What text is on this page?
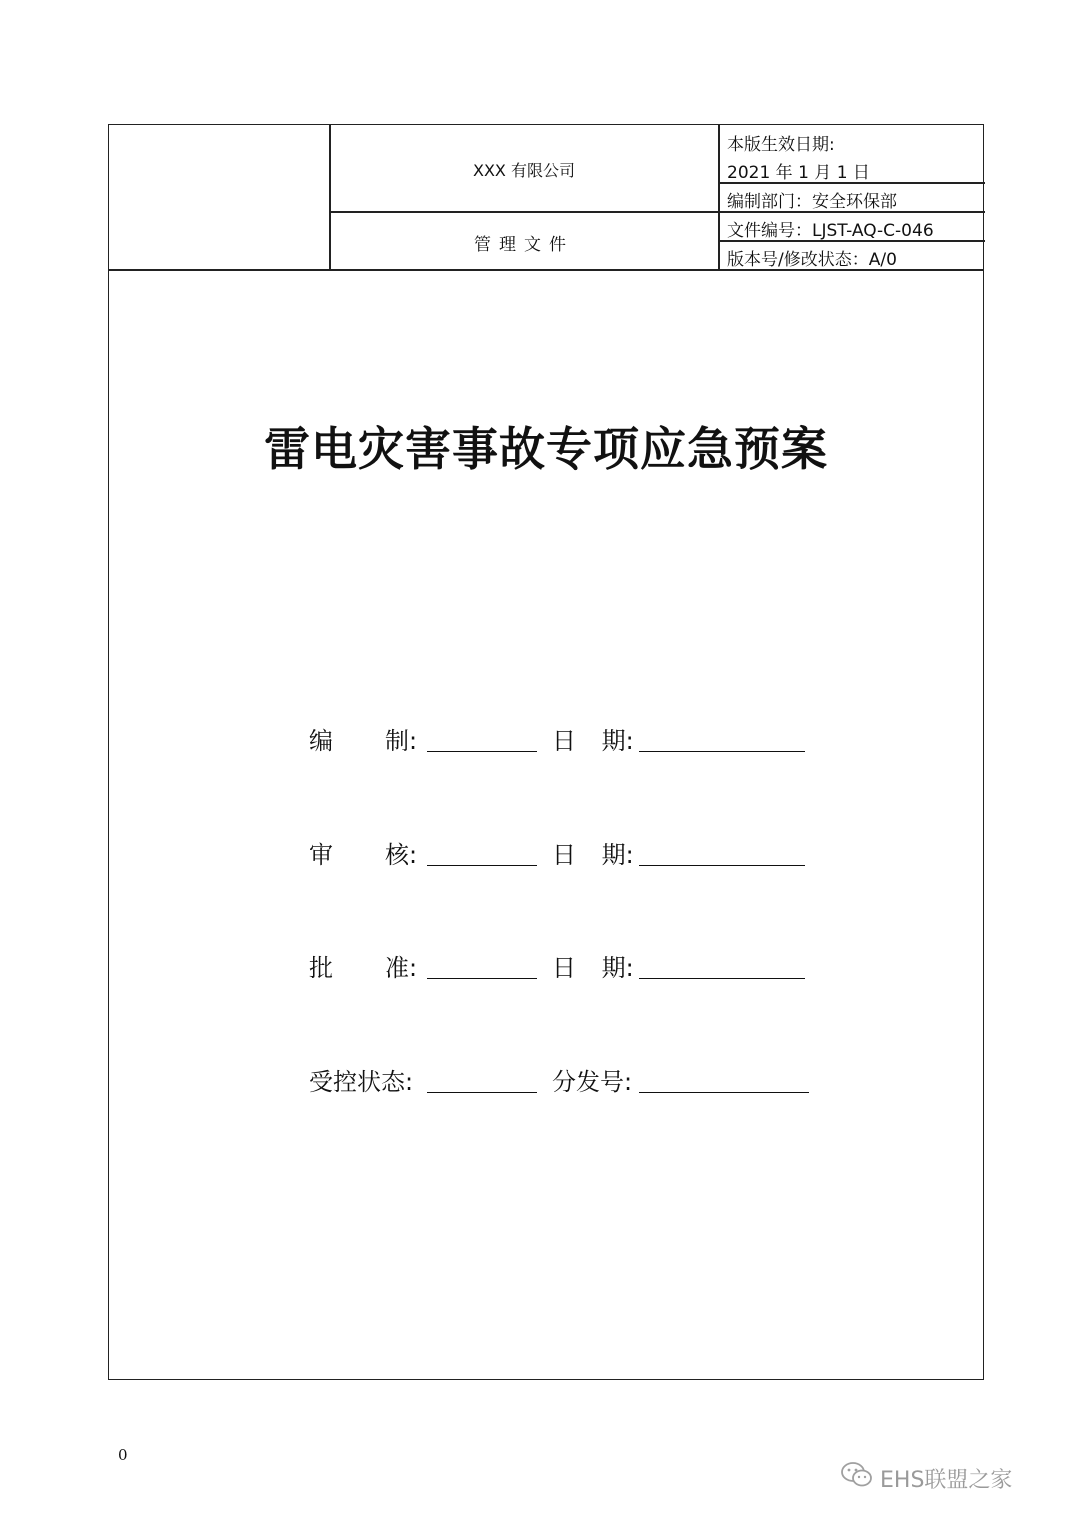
XXX 有限公司
管理文件
本版生效日期:
2021 年 1 月 1 日
编制部门：安全环保部
文件编号：LJST-AQ-C-046
版本号/修改状态：A/0
雷电灾害事故专项应急预案
编 制:	日 期:
审 核:	日 期:
批 准:	日 期:
受控状态:	分发号:
0
EHS联盟之家
